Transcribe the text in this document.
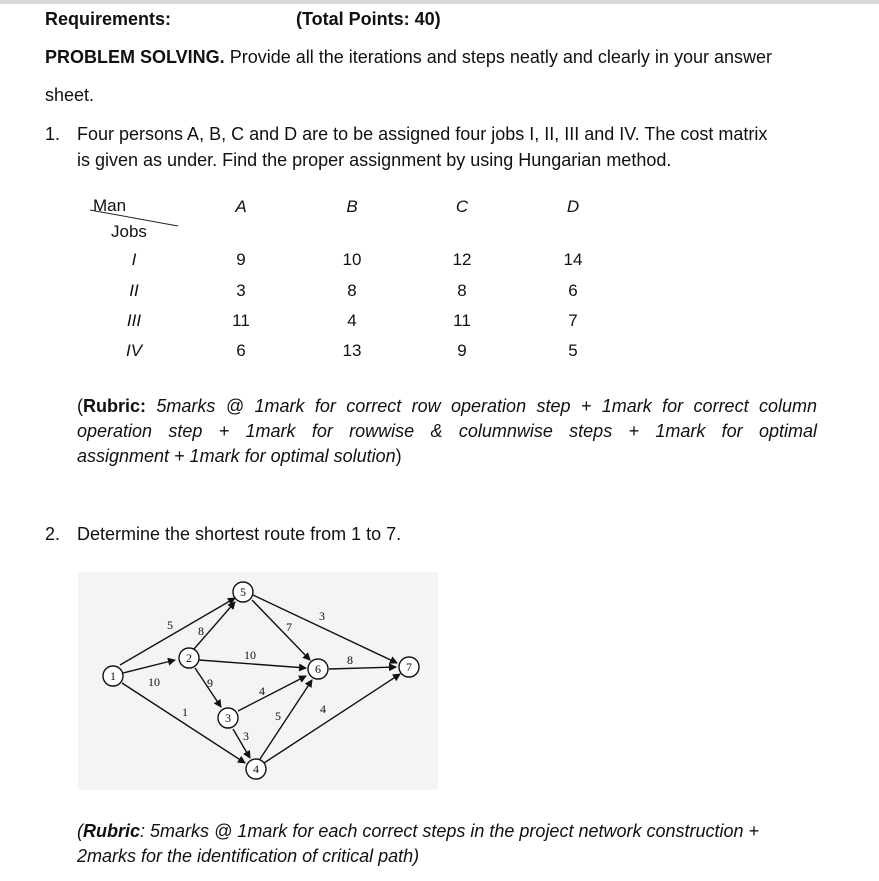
Requirements:	(Total Points: 40)
PROBLEM SOLVING. Provide all the iterations and steps neatly and clearly in your answer
sheet.
1. Four persons A, B, C and D are to be assigned four jobs I, II, III and IV. The cost matrix
is given as under. Find the proper assignment by using Hungarian method.
Man
Jobs
A	B	C	D
I	9	10	12	14
II	3	8	8	6
III	11	4	11	7
IV	6	13	9	5
(Rubric: 5marks @ 1mark for correct row operation step + 1mark for correct column
operation step + 1mark for rowwise & columnwise steps + 1mark for optimal
assignment + 1mark for optimal solution)
2. Determine the shortest route from 1 to 7.
10
5
1
8
9
10
7
3
3
4
5	4
8
1
2
3
4
5
6	7
(Rubric: 5marks @ 1mark for each correct steps in the project network construction +
2marks for the identification of critical path)
